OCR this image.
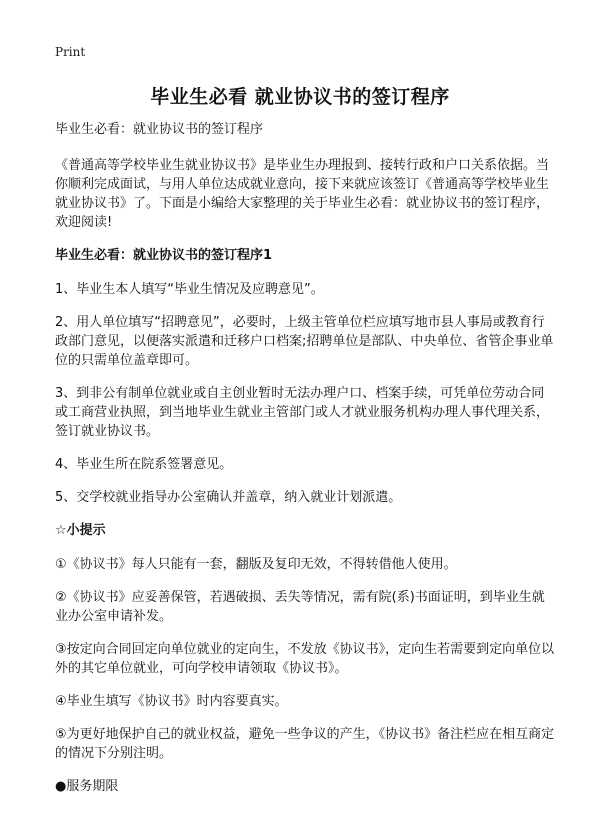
Print
毕业生必看 就业协议书的签订程序

毕业生必看：就业协议书的签订程序

《普通高等学校毕业生就业协议书》是毕业生办理报到、接转行政和户口关系依据。当你顺利完成面试，与用人单位达成就业意向，接下来就应该签订《普通高等学校毕业生就业协议书》了。下面是小编给大家整理的关于毕业生必看：就业协议书的签订程序，欢迎阅读!

毕业生必看：就业协议书的签订程序1

1、毕业生本人填写“毕业生情况及应聘意见”。

2、用人单位填写“招聘意见”，必要时，上级主管单位栏应填写地市县人事局或教育行政部门意见，以便落实派遣和迁移户口档案;招聘单位是部队、中央单位、省管企事业单位的只需单位盖章即可。

3、到非公有制单位就业或自主创业暂时无法办理户口、档案手续，可凭单位劳动合同或工商营业执照，到当地毕业生就业主管部门或人才就业服务机构办理人事代理关系，签订就业协议书。

4、毕业生所在院系签署意见。

5、交学校就业指导办公室确认并盖章，纳入就业计划派遣。

☆小提示

①《协议书》每人只能有一套，翻版及复印无效，不得转借他人使用。

②《协议书》应妥善保管，若遇破损、丢失等情况，需有院(系)书面证明，到毕业生就业办公室申请补发。

③按定向合同回定向单位就业的定向生，不发放《协议书》，定向生若需要到定向单位以外的其它单位就业，可向学校申请领取《协议书》。

④毕业生填写《协议书》时内容要真实。

⑤为更好地保护自己的就业权益，避免一些争议的产生，《协议书》备注栏应在相互商定的情况下分别注明。

●服务期限
